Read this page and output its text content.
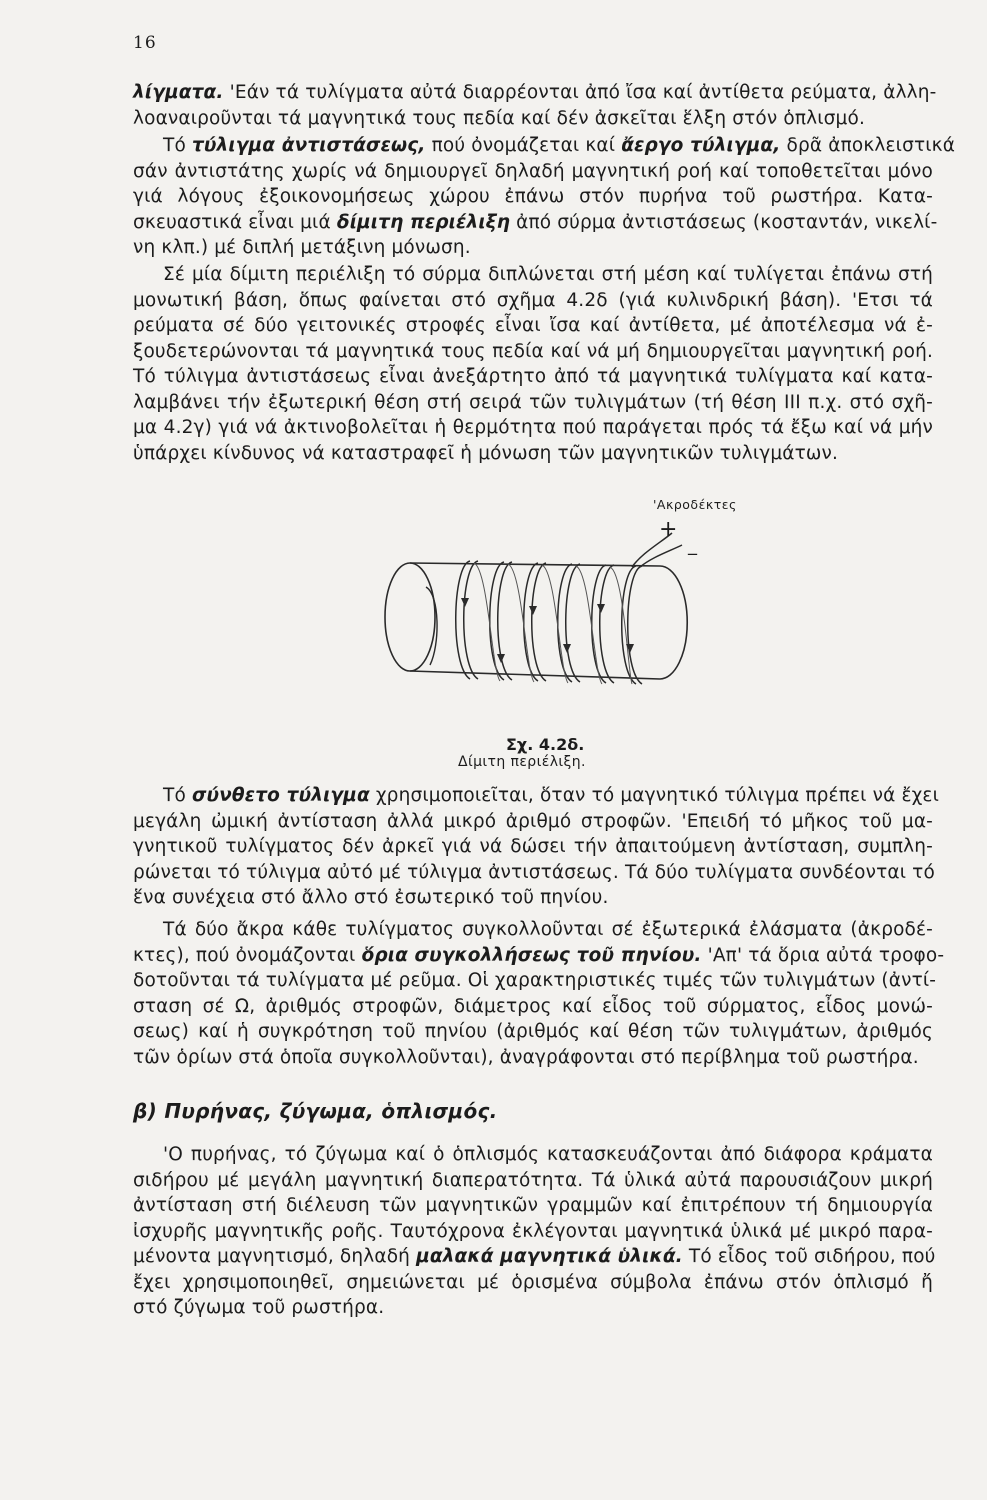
16
λίγματα. 'Εάν τά τυλίγματα αὐτά διαρρέονται ἀπό ἴσα καί ἀντίθετα ρεύματα, ἀλλη-
λοαναιροῦνται τά μαγνητικά τους πεδία καί δέν ἀσκεῖται ἕλξη στόν ὁπλισμό.
Τό τύλιγμα ἀντιστάσεως, πού ὀνομάζεται καί ἄεργο τύλιγμα, δρᾶ ἀποκλειστικά
σάν ἀντιστάτης χωρίς νά δημιουργεῖ δηλαδή μαγνητική ροή καί τοποθετεῖται μόνο
γιά λόγους ἐξοικονομήσεως χώρου ἐπάνω στόν πυρήνα τοῦ ρωστήρα. Κατα-
σκευαστικά εἶναι μιά δίμιτη περιέλιξη ἀπό σύρμα ἀντιστάσεως (κοσταντάν, νικελί-
νη κλπ.) μέ διπλή μετάξινη μόνωση.
Σέ μία δίμιτη περιέλιξη τό σύρμα διπλώνεται στή μέση καί τυλίγεται ἐπάνω στή
μονωτική βάση, ὅπως φαίνεται στό σχῆμα 4.2δ (γιά κυλινδρική βάση). 'Ετσι τά
ρεύματα σέ δύο γειτονικές στροφές εἶναι ἴσα καί ἀντίθετα, μέ ἀποτέλεσμα νά ἐ-
ξουδετερώνονται τά μαγνητικά τους πεδία καί νά μή δημιουργεῖται μαγνητική ροή.
Τό τύλιγμα ἀντιστάσεως εἶναι ἀνεξάρτητο ἀπό τά μαγνητικά τυλίγματα καί κατα-
λαμβάνει τήν ἐξωτερική θέση στή σειρά τῶν τυλιγμάτων (τή θέση ΙΙΙ π.χ. στό σχῆ-
μα 4.2γ) γιά νά ἀκτινοβολεῖται ἡ θερμότητα πού παράγεται πρός τά ἔξω καί νά μήν
ὑπάρχει κίνδυνος νά καταστραφεῖ ἡ μόνωση τῶν μαγνητικῶν τυλιγμάτων.
'Ακροδέκτες
+
_
Σχ. 4.2δ.
Δίμιτη περιέλιξη.
Τό σύνθετο τύλιγμα χρησιμοποιεῖται, ὅταν τό μαγνητικό τύλιγμα πρέπει νά ἔχει
μεγάλη ὠμική ἀντίσταση ἀλλά μικρό ἀριθμό στροφῶν. 'Επειδή τό μῆκος τοῦ μα-
γνητικοῦ τυλίγματος δέν ἀρκεῖ γιά νά δώσει τήν ἀπαιτούμενη ἀντίσταση, συμπλη-
ρώνεται τό τύλιγμα αὐτό μέ τύλιγμα ἀντιστάσεως. Τά δύο τυλίγματα συνδέονται τό
ἕνα συνέχεια στό ἄλλο στό ἐσωτερικό τοῦ πηνίου.
Τά δύο ἄκρα κάθε τυλίγματος συγκολλοῦνται σέ ἐξωτερικά ἐλάσματα (ἀκροδέ-
κτες), πού ὀνομάζονται ὅρια συγκολλήσεως τοῦ πηνίου. 'Απ' τά ὅρια αὐτά τροφο-
δοτοῦνται τά τυλίγματα μέ ρεῦμα. Οἱ χαρακτηριστικές τιμές τῶν τυλιγμάτων (ἀντί-
σταση σέ Ω, ἀριθμός στροφῶν, διάμετρος καί εἶδος τοῦ σύρματος, εἶδος μονώ-
σεως) καί ἡ συγκρότηση τοῦ πηνίου (ἀριθμός καί θέση τῶν τυλιγμάτων, ἀριθμός
τῶν ὁρίων στά ὁποῖα συγκολλοῦνται), ἀναγράφονται στό περίβλημα τοῦ ρωστήρα.
β) Πυρήνας, ζύγωμα, ὁπλισμός.
'Ο πυρήνας, τό ζύγωμα καί ὁ ὁπλισμός κατασκευάζονται ἀπό διάφορα κράματα
σιδήρου μέ μεγάλη μαγνητική διαπερατότητα. Τά ὑλικά αὐτά παρουσιάζουν μικρή
ἀντίσταση στή διέλευση τῶν μαγνητικῶν γραμμῶν καί ἐπιτρέπουν τή δημιουργία
ἰσχυρῆς μαγνητικῆς ροῆς. Ταυτόχρονα ἐκλέγονται μαγνητικά ὑλικά μέ μικρό παρα-
μένοντα μαγνητισμό, δηλαδή μαλακά μαγνητικά ὑλικά. Τό εἶδος τοῦ σιδήρου, πού
ἔχει χρησιμοποιηθεῖ, σημειώνεται μέ ὁρισμένα σύμβολα ἐπάνω στόν ὁπλισμό ἤ
στό ζύγωμα τοῦ ρωστήρα.
